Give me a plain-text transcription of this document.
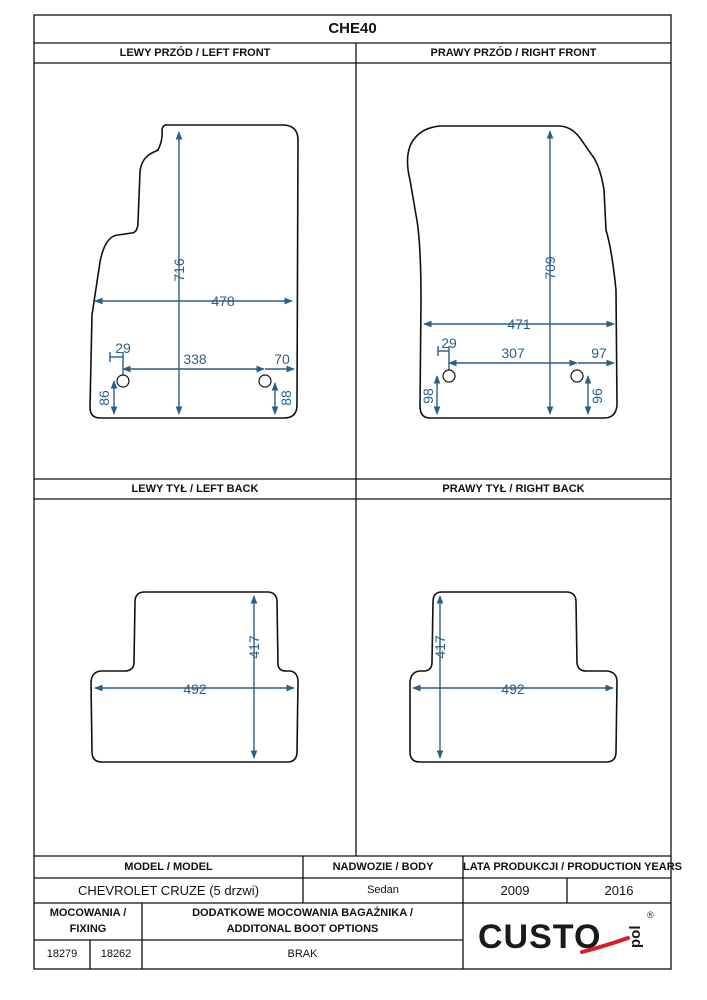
716
478
338
29
70
86	88
709
471
307
29
97
98	96
417
492
417
492
CUSTO pol
®
CHE40
LEWY PRZÓD / LEFT FRONT	PRAWY PRZÓD / RIGHT FRONT
LEWY TYŁ / LEFT BACK	PRAWY TYŁ / RIGHT BACK
MODEL / MODEL	NADWOZIE / BODY	LATA PRODUKCJI / PRODUCTION YEARS
CHEVROLET CRUZE (5 drzwi)	Sedan	2009	2016
MOCOWANIA /
FIXING
DODATKOWE MOCOWANIA BAGAŻNIKA /
ADDITONAL BOOT OPTIONS
18279	18262	BRAK
